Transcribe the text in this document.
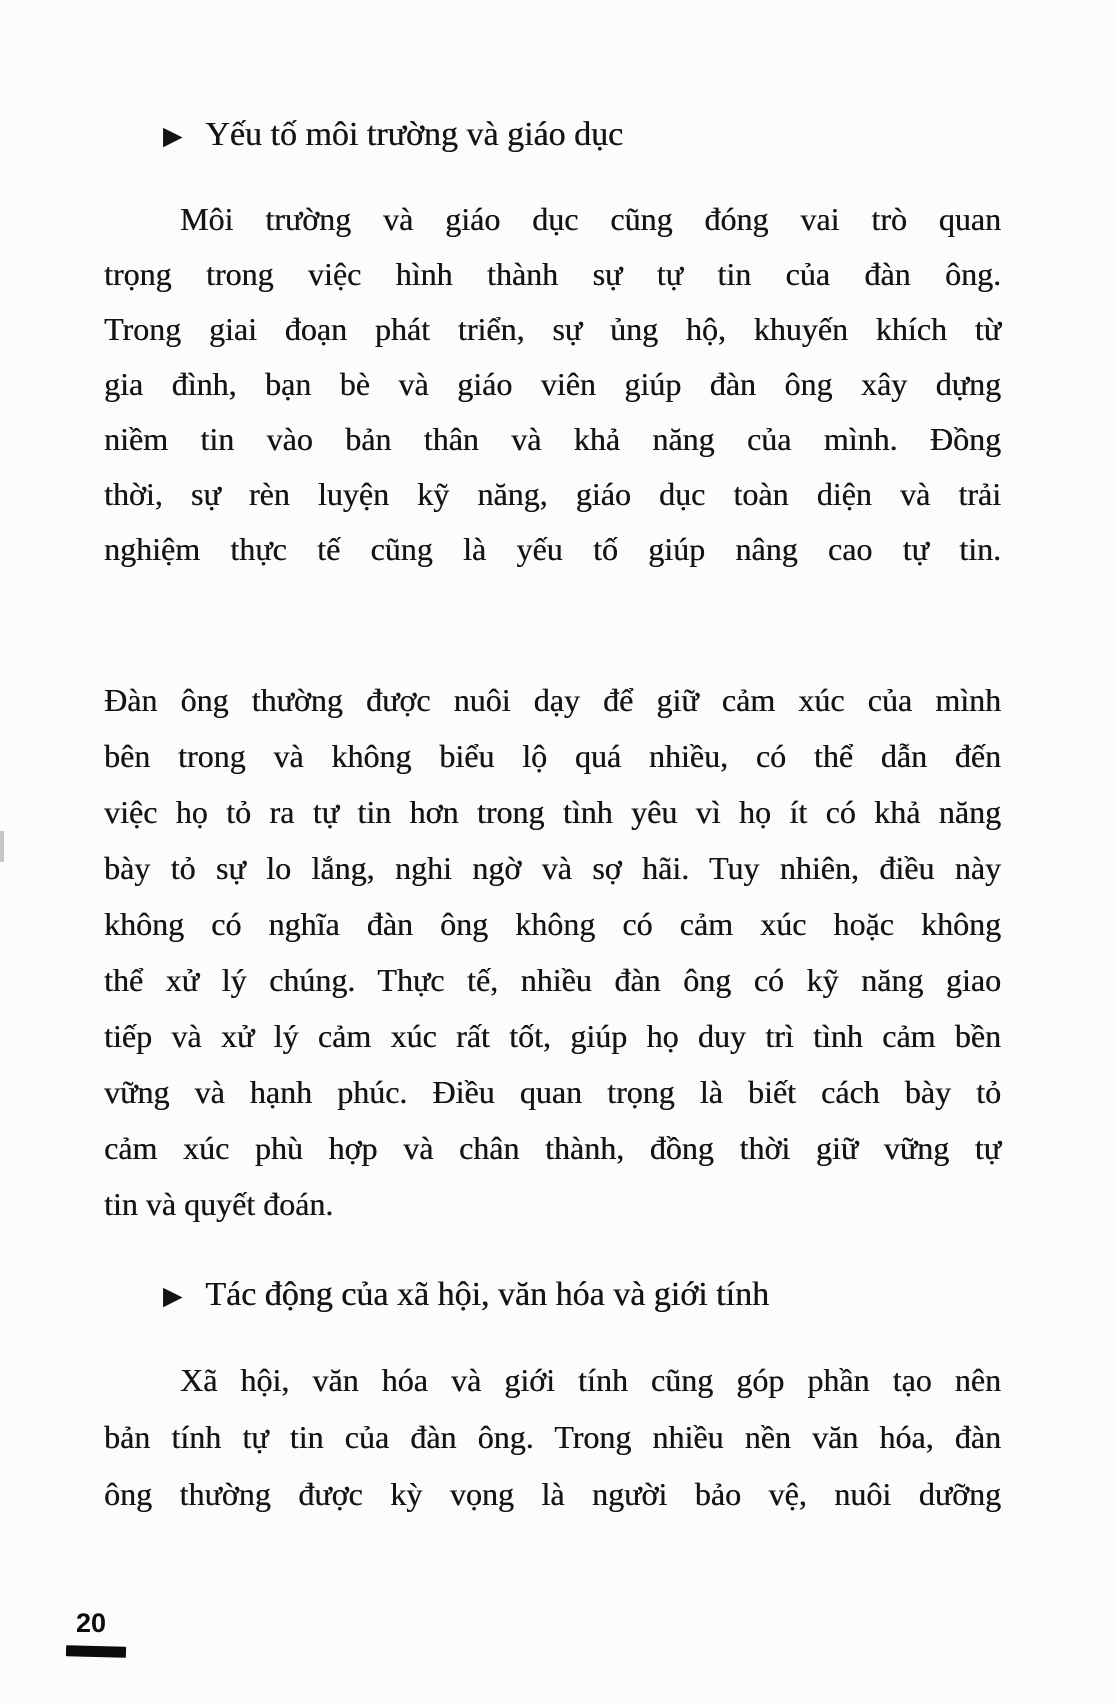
▶ Yếu tố môi trường và giáo dục
Môi trường và giáo dục cũng đóng vai trò quan
trọng trong việc hình thành sự tự tin của đàn ông.
Trong giai đoạn phát triển, sự ủng hộ, khuyến khích từ
gia đình, bạn bè và giáo viên giúp đàn ông xây dựng
niềm tin vào bản thân và khả năng của mình. Đồng
thời, sự rèn luyện kỹ năng, giáo dục toàn diện và trải
nghiệm thực tế cũng là yếu tố giúp nâng cao tự tin.
Đàn ông thường được nuôi dạy để giữ cảm xúc của mình
bên trong và không biểu lộ quá nhiều, có thể dẫn đến
việc họ tỏ ra tự tin hơn trong tình yêu vì họ ít có khả năng
bày tỏ sự lo lắng, nghi ngờ và sợ hãi. Tuy nhiên, điều này
không có nghĩa đàn ông không có cảm xúc hoặc không
thể xử lý chúng. Thực tế, nhiều đàn ông có kỹ năng giao
tiếp và xử lý cảm xúc rất tốt, giúp họ duy trì tình cảm bền
vững và hạnh phúc. Điều quan trọng là biết cách bày tỏ
cảm xúc phù hợp và chân thành, đồng thời giữ vững tự
tin và quyết đoán.
▶ Tác động của xã hội, văn hóa và giới tính
Xã hội, văn hóa và giới tính cũng góp phần tạo nên
bản tính tự tin của đàn ông. Trong nhiều nền văn hóa, đàn
ông thường được kỳ vọng là người bảo vệ, nuôi dưỡng
20
